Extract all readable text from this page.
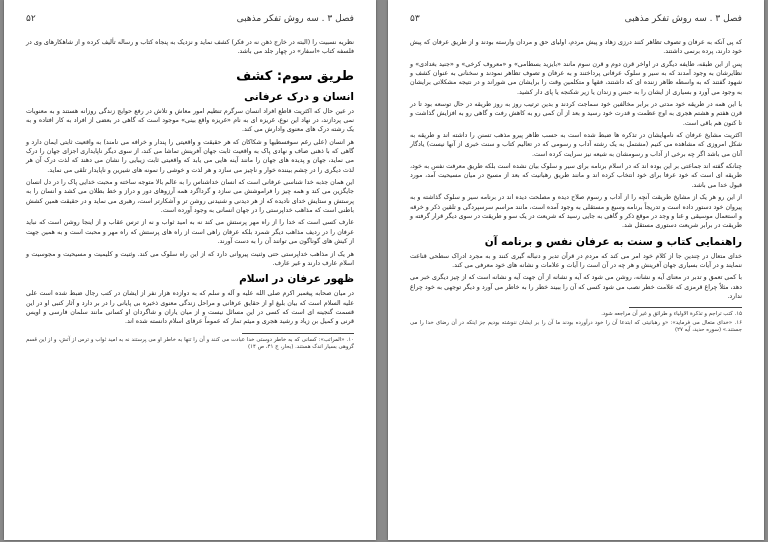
فصل ۳ . سه روش تفکر مذهبی
۵۲

نظریه نسبیت را (البته در خارج ذهن نه در فکر) کشف نماید و نزدیک به پنجاه کتاب و رساله تألیف کرده و از شاهکارهای وی در فلسفه کتاب «اسفار» در چهار جلد می باشد.

طریق سوم: کشف
انسان و درک عرفانی

در عین حال که اکثریت قاطع افراد انسان سرگرم تنظیم امور معاش و تلاش در رفع حوایج زندگی روزانه هستند و به معنویات نمی پردازند، در نهاد این نوع، غریزه ای به نام «غریزه واقع بینی» موجود است که گاهی در بعضی از افراد به کار افتاده و به یک رشته درک های معنوی وادارش می کند.

هر انسان (علی رغم سوفسطیها و شکاکان که هر حقیقت و واقعیتی را پندار و خرافه می نامند) به واقعیت ثابتی ایمان دارد و گاهی که با ذهنی صاف و نهادی پاک به واقعیت ثابت جهان آفرینش تماشا می کند، از سوی دیگر ناپایداری اجزای جهان را درک می نماید، جهان و پدیده های جهان را مانند آینه هایی می یابد که واقعیتی ثابت زیبایی را نشان می دهند که لذت درک آن هر لذت دیگری را در چشم بیننده خوار و ناچیز می سازد و هر لذت و خوشی را نمونه های شیرین و ناپایدار تلقی می نماید.

این همان جذبه خدا شناسی عرفانی است که انسان خداشناس را به عالم بالا متوجه ساخته و محبت خدایی پاک را در دل انسان جایگزین می کند و همه چیز را فراموشش می سازد و گرداگرد همه آرزوهای دور و دراز و خط بطلان می کشد و انسان را به پرستش و ستایش خدای نادیده که از هر دیدنی و شنیدنی روشن تر و آشکارتر است، رهبری می نماید و در حقیقت همین کشش باطنی است که مذاهب خداپرستی را در جهان انسانی به وجود آورده است.

عارف کسی است که خدا را از راه مهر پرستش می کند نه به امید ثواب و نه از ترس عقاب و از اینجا روشن است که نباید عرفان را در ردیف مذاهب دیگر شمرد بلکه عرفان راهی است از راه های پرستش که راه مهر و محبت است و به همین جهت از کیش های گوناگون می توانند آن را به دست آورند.

هر یک از مذاهب خداپرستی حتی وثنیت پیروانی دارد که از این راه سلوک می کند. وثنیت و کلیمیت و مسیحیت و مجوسیت و اسلام عارف دارند و غیر عارف.

ظهور عرفان در اسلام

در میان صحابه پیغمبر اکرم صلی الله علیه و آله و سلم که به دوازده هزار نفر از ایشان در کتب رجال ضبط شده است علی علیه السلام است که بیان بلیغ او از حقایق عرفانی و مراحل زندگی معنوی ذخیره بی پایانی را در بر دارد و آثار کتبی او در این قسمت گنجینه ای است که کسی در این مسائل نیست و از میان یاران و شاگردان او کسانی مانند سلمان فارسی و اویس قرنی و کمیل بن زیاد و رشید هجری و میثم تمار که عموماً عرفای اسلام دانسته شده اند.

۱۰. «المراتب»: کسانی که به خاطر دوستی خدا عبادت می کنند و آن را تنها به خاطر او می پرستند نه به امید ثواب و ترس از آتش، و از این قسم گروهی بسیار اندک هستند. (بحار، ج ۴۱، ص ۱۴)

فصل ۳ . سه روش تفکر مذهبی
۵۳

که پی آنکه به عرفان و تصوف تظاهر کنند درزی زهاد و پیش مردم، اولیای حق و مردان وارسته بودند و از طریق عرفان که پیش خود دارند، پرده برنمی داشتند.

پس از این طبقه، طایفه دیگری در اواخر قرن دوم و قرن سوم مانند «بایزید بسطامی» و «معروف کرخی» و «جنید بغدادی» و نظایرشان به وجود آمدند که به سیر و سلوک عرفانی پرداختند و به عرفان و تصوف تظاهر نمودند و سخنانی به عنوان کشف و شهود گفتند که به واسطه ظاهر زننده ای که داشتند، فقها و متکلمین وقت را برایشان می شوراند و در نتیجه مشکلاتی برایشان به وجود می آورد و بسیاری از ایشان را به حبس و زندان یا زیر شکنجه یا پای دار کشید.

با این همه در طریقه خود مدتی در برابر مخالفین خود سماجت کردند و بدین ترتیب روز به روز طریقه در حال توسعه بود تا در قرن هفتم و هشتم هجری به اوج عظمت و قدرت خود رسید و بعد از آن کمی رو به کاهش رفت و گاهی رو به افزایش گذاشت و تا کنون هم باقی است.

اکثریت مشایخ عرفان که نامهایشان در تذکره ها ضبط شده است به حسب ظاهر پیرو مذهب تسنن را داشته اند و طریقه به شکل امروزی که مشاهده می کنیم (مشتمل به یک رشته آداب و رسومی که در تعالیم کتاب و سنت خبری از آنها نیست) یادگار آنان می باشد اگر چه برخی از آداب و رسومشان به شیعه نیز سرایت کرده است.

چنانکه گفته اند جماعتی بر این بوده اند که در اسلام برنامه برای سیر و سلوک بیان نشده است بلکه طریق معرفت نفس به خود، طریقه ای است که خود عرفا برای خود انتخاب کرده اند و مانند طریق رهبانیت که بعد از مسیح در میان مسیحیت آمد، مورد قبول خدا می باشد.

از این رو هر یک از مشایخ طریقت آنچه را از آداب و رسوم صلاح دیده و مصلحت دیده اند در برنامه سیر و سلوک گذاشته و به پیروان خود دستور داده است و تدریجاً برنامه وسیع و مستقلی به وجود آمده است، مانند مراسم سرسپردگی و تلقین ذکر و خرقه و استعمال موسیقی و غنا و وجد در موقع ذکر و گاهی به جایی رسید که شریعت در یک سو و طریقت در سوی دیگر قرار گرفته و طریقت در برابر شریعت دستوری مستقل شد.

راهنمایی کتاب و سنت به عرفان نفس و برنامه آن

خدای متعال در چندین جا از کلام خود امر می کند که مردم در قرآن تدبر و دنباله گیری کنند و به مجرد ادراک سطحی قناعت ننمایند و در آیات بسیاری جهان آفرینش و هر چه در آن است را آیات و علامات و نشانه های خود معرفی می کند.

با کمی تعمق و تدبر در معنای آیه و نشانه، روشن می شود که آیه و نشانه از آن جهت آیه و نشانه است که از چیز دیگری خبر می دهد، مثلاً چراغ قرمزی که علامت خطر نصب می شود کسی که آن را ببیند خطر را به خاطر می آورد و دیگر توجهی به خود چراغ ندارد.

۱۵. کتب تراجم و تذکرة الاولیاء و طرائق و غیر آن مراجعه شود.

۱۶. «خدای متعال می فرماید»: «و رهبانیتی که ابتدعا آن را خود درآورده بودند ما آن را بر ایشان ننوشته بودیم جز اینکه در آن رضای خدا را می جستند.» (سوره حدید، آیه ۲۷)
